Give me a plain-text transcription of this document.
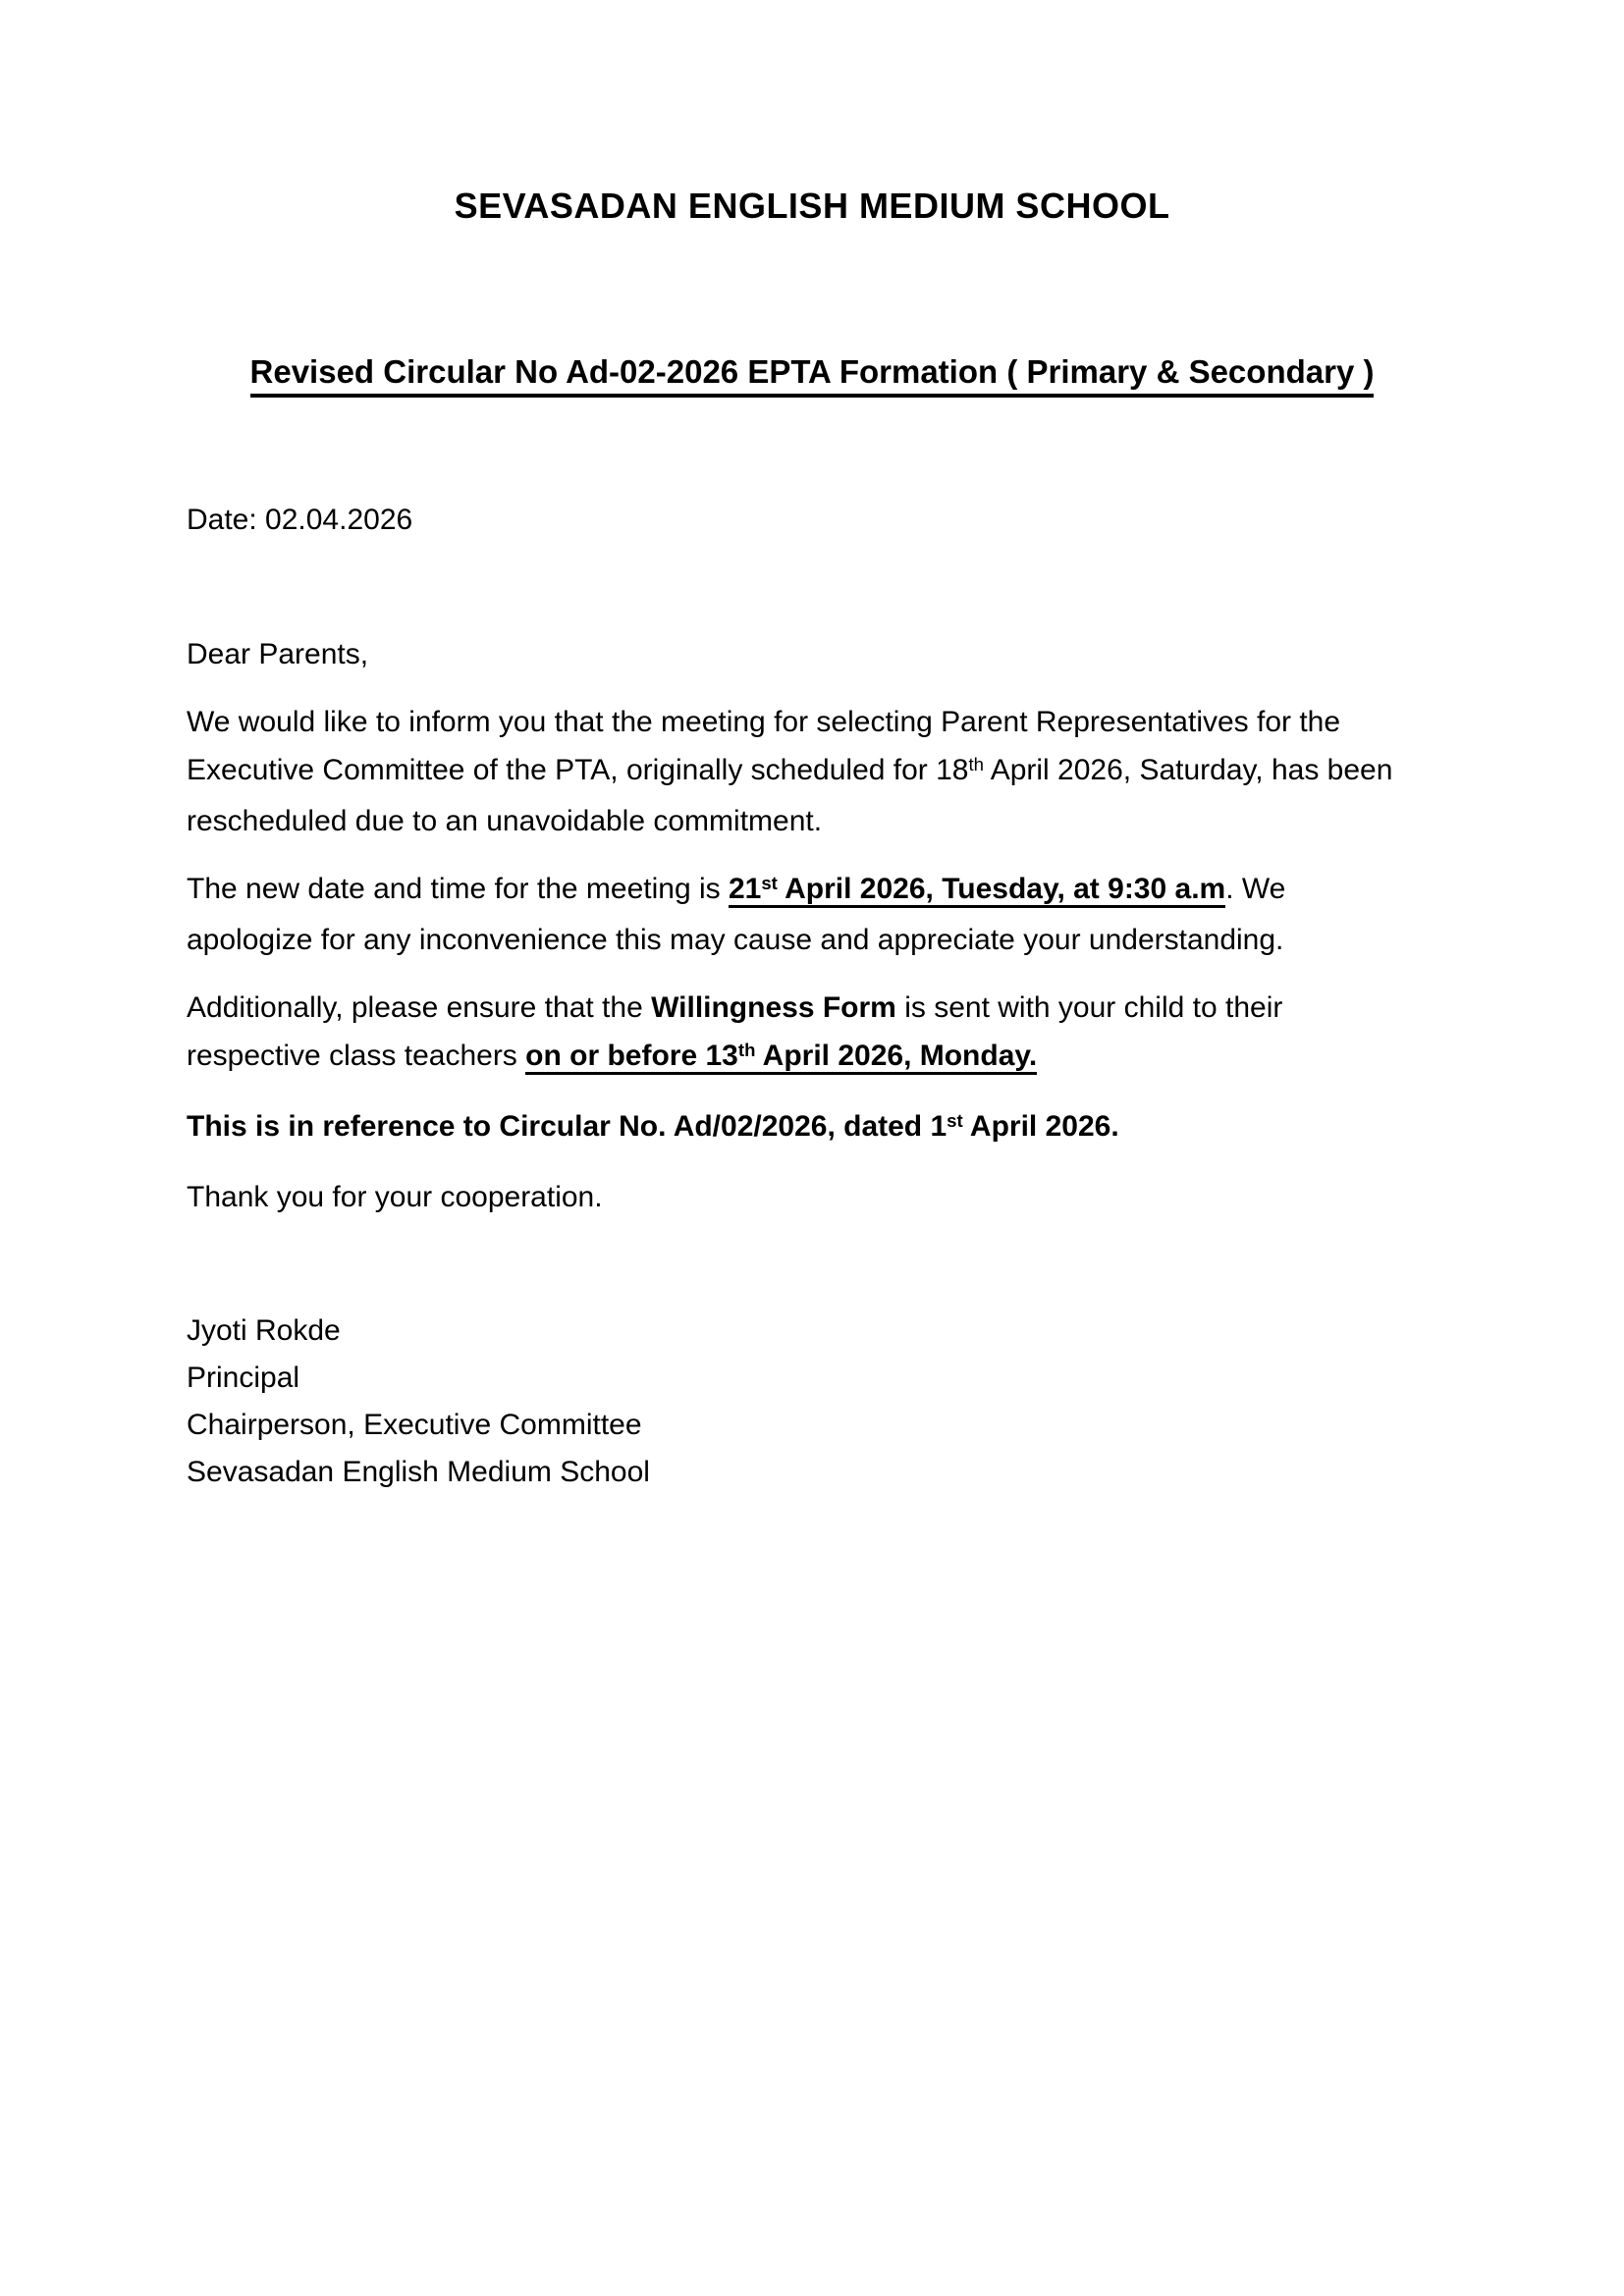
SEVASADAN ENGLISH MEDIUM SCHOOL
Revised Circular No Ad-02-2026 EPTA Formation ( Primary & Secondary )
Date: 02.04.2026
Dear Parents,
We would like to inform you that the meeting for selecting Parent Representatives for the
Executive Committee of the PTA, originally scheduled for 18th April 2026, Saturday, has been
rescheduled due to an unavoidable commitment.
The new date and time for the meeting is 21st April 2026, Tuesday, at 9:30 a.m. We
apologize for any inconvenience this may cause and appreciate your understanding.
Additionally, please ensure that the Willingness Form is sent with your child to their
respective class teachers on or before 13th April 2026, Monday.
This is in reference to Circular No. Ad/02/2026, dated 1st April 2026.
Thank you for your cooperation.
Jyoti Rokde
Principal
Chairperson, Executive Committee
Sevasadan English Medium School
